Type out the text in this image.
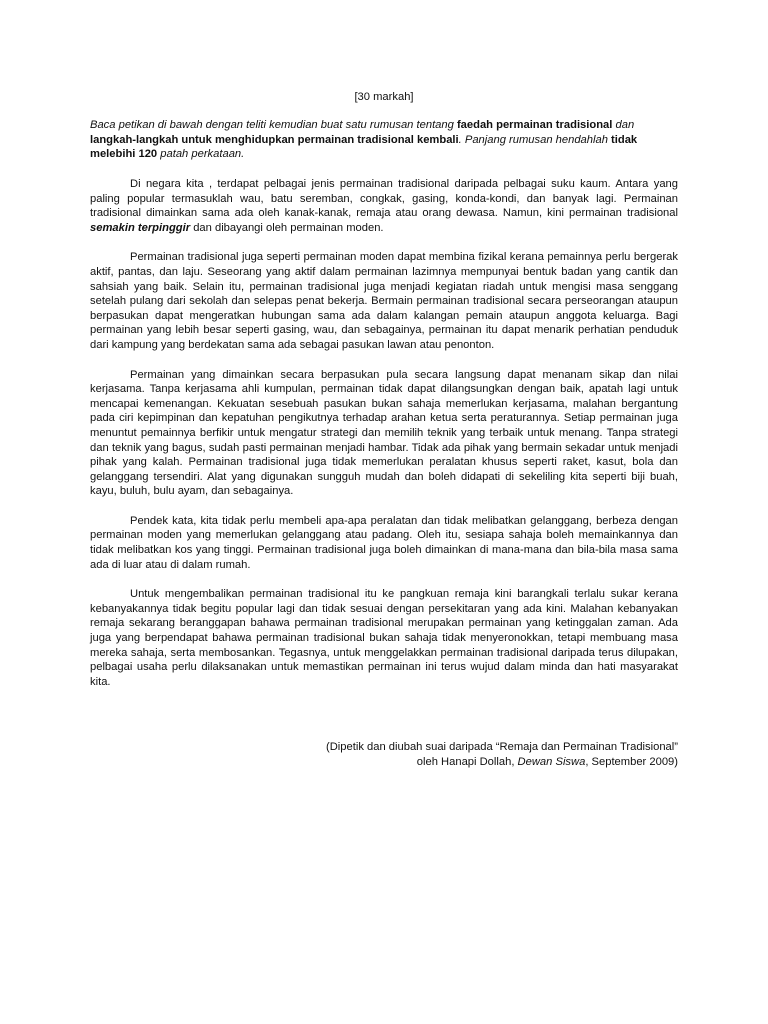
[30 markah]

Baca petikan di bawah dengan teliti kemudian buat satu rumusan tentang faedah permainan tradisional dan langkah-langkah untuk menghidupkan permainan tradisional kembali. Panjang rumusan hendahlah tidak melebihi 120 patah perkataan.

Di negara kita , terdapat pelbagai jenis permainan tradisional daripada pelbagai suku kaum. Antara yang paling popular termasuklah wau, batu seremban, congkak, gasing, konda-kondi, dan banyak lagi. Permainan tradisional dimainkan sama ada oleh kanak-kanak, remaja atau orang dewasa. Namun, kini permainan tradisional semakin terpinggir dan dibayangi oleh permainan moden.

Permainan tradisional juga seperti permainan moden dapat membina fizikal kerana pemainnya perlu bergerak aktif, pantas, dan laju. Seseorang yang aktif dalam permainan lazimnya mempunyai bentuk badan yang cantik dan sahsiah yang baik. Selain itu, permainan tradisional juga menjadi kegiatan riadah untuk mengisi masa senggang setelah pulang dari sekolah dan selepas penat bekerja. Bermain permainan tradisional secara perseorangan ataupun berpasukan dapat mengeratkan hubungan sama ada dalam kalangan pemain ataupun anggota keluarga. Bagi permainan yang lebih besar seperti gasing, wau, dan sebagainya, permainan itu dapat menarik perhatian penduduk dari kampung yang berdekatan sama ada sebagai pasukan lawan atau penonton.

Permainan yang dimainkan secara berpasukan pula secara langsung dapat menanam sikap dan nilai kerjasama. Tanpa kerjasama ahli kumpulan, permainan tidak dapat dilangsungkan dengan baik, apatah lagi untuk mencapai kemenangan. Kekuatan sesebuah pasukan bukan sahaja memerlukan kerjasama, malahan bergantung pada ciri kepimpinan dan kepatuhan pengikutnya terhadap arahan ketua serta peraturannya. Setiap permainan juga menuntut pemainnya berfikir untuk mengatur strategi dan memilih teknik yang terbaik untuk menang. Tanpa strategi dan teknik yang bagus, sudah pasti permainan menjadi hambar. Tidak ada pihak yang bermain sekadar untuk menjadi pihak yang kalah. Permainan tradisional juga tidak memerlukan peralatan khusus seperti raket, kasut, bola dan gelanggang tersendiri. Alat yang digunakan sungguh mudah dan boleh didapati di sekeliling kita seperti biji buah, kayu, buluh, bulu ayam, dan sebagainya.

Pendek kata, kita tidak perlu membeli apa-apa peralatan dan tidak melibatkan gelanggang, berbeza dengan permainan moden yang memerlukan gelanggang atau padang. Oleh itu, sesiapa sahaja boleh memainkannya dan tidak melibatkan kos yang tinggi. Permainan tradisional juga boleh dimainkan di mana-mana dan bila-bila masa sama ada di luar atau di dalam rumah.

Untuk mengembalikan permainan tradisional itu ke pangkuan remaja kini barangkali terlalu sukar kerana kebanyakannya tidak begitu popular lagi dan tidak sesuai dengan persekitaran yang ada kini. Malahan kebanyakan remaja sekarang beranggapan bahawa permainan tradisional merupakan permainan yang ketinggalan zaman. Ada juga yang berpendapat bahawa permainan tradisional bukan sahaja tidak menyeronokkan, tetapi membuang masa mereka sahaja, serta membosankan. Tegasnya, untuk menggelakkan permainan tradisional daripada terus dilupakan, pelbagai usaha perlu dilaksanakan untuk memastikan permainan ini terus wujud dalam minda dan hati masyarakat kita.

(Dipetik dan diubah suai daripada “Remaja dan Permainan Tradisional”
oleh Hanapi Dollah, Dewan Siswa, September 2009)
